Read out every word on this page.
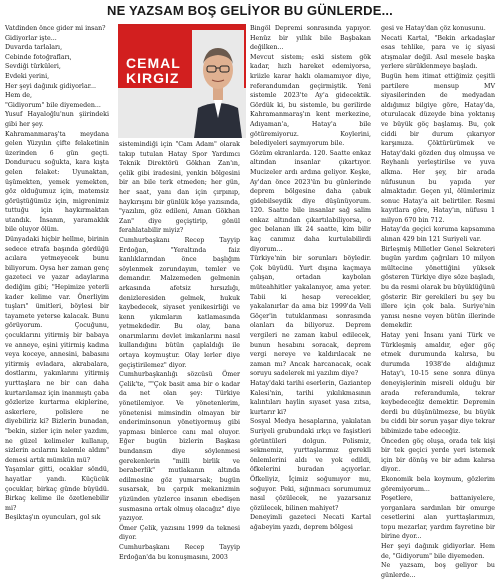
NE YAZSAM BOŞ GELİYOR BU GÜNLERDE...
CEMAL
KIRGIZ

Vatdinden önce gider mi insan?

Gidiyorlar işte...

Duvarda tarlaları,

Cebinde fotoğrafları,

Sevdiği türküleri,

Evdeki yerini,

Her şeyi dağınık gidiyorlar...

Hem de,

"Gidiyorum" bile diyemeden...

Yusuf Hayaloğlu'nun şiirindeki gibi her şey.

Kahramanmaraş'ta meydana gelen Yüzyılın çifte felaketinin üzerinden 6 gün geçti. Dondurucu soğukta, kara kışta gelen felaket: Uyunaktan, üşümekten, yemek yemekten, göz olduğumuz için, matemsiz görüştüğümüz için, migrenimiz tuttuğu için haykırmaktan utandık. İnsanın, yaramaklık bile oluyor ölüm.

Dünyadaki hiçbir hellme, birinin sedece etrafa başında gördüğü acılara yetmeyecek bunu biliyorum. Oysa her zaman genç gazeteci ve yazar adaylarına dediğim gibi; "Hepimize yeterli kader kelime var. Önerliyim tuşları" ümitleri, böylesi bir tayamete yeterse kalacak. Bunu görüyorum. Çocuğunu, çocuklarını yitirmiş bir babaya ve anneye, eşini yitirmiş kadına veya koceye, annesini, babasını yitirmiş evladara, akrabalara, dostlarını, yakınlarını yitirmiş yurttaşlara ne bir can daha kurtarılamaz için inanmıştı çaba gözlerize kurtarma ekiplerine, askerlere, polislere ne diyebiliriz ki? Bizlerin bunadan, "bekin, sizler için neler yazdım, ne güzel kelimeler kullanıp, sizlerin acılarını kalemle aldım" demesi artık mümkün mü?

Yaşamlar gitti, ocaklar söndü, hayatlar yandı. Küçücük çocuklar, birkaç günde büyüdü. Birkaç kelime ile özetlenebilir mi?

Beşiktaş'ın oyuncuları, gol sık

sistemindiği için "Cam Adam" olarak takıp tutulan Hatay Spor Yardımcı Teknik Direktörü Gökhan Zan'ın, çelik gibi iradesini, yenkin bölgesini bir an bile terk etmeden; her gün, her saat, yanı dan için çırpınıp, haykırışını bir günlük köşe yazısında, "yazılım, göz edileni, Aman Gökhan Zan" diye geçiştirip, gönül ferahlatabilir miyiz?

Cumhurbaşkanı Recep Tayyip Erdoğan, "Yeraltında faiz kanlıklarından önce başlığım söylenmek zorundayım, temler ve demandır. Malzemeden gelmenin arkasında afetsiz hırsızlığı, denizleresiden gelmek, hukuk kaybedecek, siyaset yenikesirliği ve kenn yıkımların katlamasında yetmekdedir. Bu olay, bana onarımlarını devlet imkanlarını nasıl kullandığını bütün çaplaldığı ile ortaya koymuştur. Olay lerler diye geçiştirilemez" diyor.

Cumhurbaşkanlığı sözcüsü Ömer Çelik'te, ""Çok basit ama bir o kadar da net olan şey: Türkiye yönetilemiyor. Ve yönetenlerim, yönetenisi mimsindin olmayan bir enderiminsonun yönetiyormuş gibi yapması binlerce canı mal oluyor. Eğer bugün bizlerin Başkası bundansın diye söylenmesi gerekenlerin "milli birlik ve beraberlik" mutlakanın altında edilmesine göz yumarsak; bugün susarsak, bu çarpık mekanizmin yüzünden yüzlerce insanın ebedişen susmasına ortak olmuş olacağız" diye yazıyor.

Ömer Çelik, yazısını 1999 da teknesi diyor.

Cumhurbaşkanı Recep Tayyip Erdoğan'da bu konuşmasını, 2003

Bingöl Depremi sonrasında yapıyor. Henüz bir yıllık bile Başbakan değilken...

Mevcut sistem; eski sistem gök kadar, hızlı hareket edemiyorsa, kriizle karar haklı olamamıyor diye, referandumdan geçirmiştik. Yeni sistemle 2023'te Ay'a gidecektik. Gördük ki, bu sistemle, bu gerilirde Kahramanmaraş'ın kent merkezine, Adıyaman'a, Hatay'a bile götüremiyoruz. Koylerini, belediyeleri saymıyorum bile.

Gözüm ekranlarda. 120. Saatte enkaz altından insanlar çıkartıyor. Mucizeler ardı ardına geliyor. Keşke, Ay'dan önce 2023'ün bu günlerinde deprem bölgesine daha çabuk gidebilseydik diye düşünüyorum. 120. Saatte bile insanlar sağ salim enkaz altından çıkartılabiliyorsa, o gec belanan ilk 24 saatte, kim bilir kaç canımız daha kurtulabilirdi diyorum...

Türkiye'nin bir sorunları böyledir. Çok büyüdü. Yurt dışına kaçmaya çalışan, ortadan kaybolan müteahhitler yakalanıyor, ama yeter. Tabii ki hesap verecekler, yakalanırlar da ama biz 1999'da Veli Göçer'in tutuklanması sonrasında olanları da biliyoruz. Deprem vergileri ne zaman kabul edilecek, bunun hesabını soracak, deprem vergi nereye ve kaldırılacak ne zaman mı? Ancak harcanacak, ocak soruyu sadelerek mi yazılım diye?

Hatay'daki tarihi eserlerin, Gaziantep Kalesi'nin, tarihi yıkılıkmasının kalıntıları haylin sıyaset yasa zıtsa, kurtarır ki?

Sosyal Medya hesaplarına, yakılatan Suriyeli grubundaki ırkçı ve faşistleri görüntüleri dolgun. Polismiz, sekmemiz, yurttaşlarımız gerekli önlemlerini aldı ve yok edildi, öfkelerini buradan açıyorlar. Öfkeliyiz, İçimiz soğumıyor mu, soğuyor. Peki, sığınmacı sorumumuz nasıl çözülecek, ne yazarsanız çözülecek, bilinen mahiyet?

Deneyimli gazeteci Necati Kartal ağabeyim yazdı, deprem bölgesi

gesi ve Hatay'dan çöz konusunu.

Necati Kartal, "Bekin arkadaşlar esas tehlike, para ve iç siyasi atışmalar değil. Asıl mesele başka yerlere sürüklenmeye başladı.

Bugün hem itimat ettiğimiz çeşitli partilere mensup MV siyasilerinden de medyadan aldığımız bilgiye göre, Hatay'da, oturulacak düzeyde bina yoktanış ve büyük göç başlamış. Bu, çok ciddi bir durum çıkarıyor karşımıza. Çöktürürümek ve Hatay'daki gözden duş olmuşsa ve Reyhanlı yerleştirilse ve yuva alkma. Her şey, bir arada nüfusunun bu yapıda yer almaktadır. Geçen yıl, ölümlerimiz sonuc Hatay'a ait belirtiler. Resmi kayıtlara göre, Hatay'ın, nüfusu 1 milyon 670 bin 712.

Hatay'da geçici koruma kapsamına alınan 429 bin 121 Suriyeli var.

Birleşmiş Milletler Genel Sekreteri bugün yardım çağrıları 10 milyon mültecine yönettiğini yüksek gösteren Türkiye diye söze başladı, bu da resmi olarak bu büyüklüğünü gösterir. Bir gerekileri bu şey bu illere için çok bala. Suriye'nin yanısı nesne veyen bütün illerinde demekdir.

Hatay yeni İnsanı yani Türk ve Türkleşmiş amaldır, eğer göç etmek durumunda kalırsa, bu durumda 1938'de aldığımız Hatay'ı, 10-15 sene sonra dünya deneyişlerinin misreli olduğu bir arada referandumla, tekrar keybedeceğiz demektir. Depremin derdi bu düşünülmezse, bu büyük bu ciddi bir sorun yaşar diye tekrar bibimizde tabe edeceğiz.

Önceden göç oluşa, orada tek kişi bir tek geçici yerde yeri istemek için bir dönüş ve bir adım kalırsa diyor..

Ekonomik bela koymum, gözlerim göremiyorum...

Poşetlere, battaniyelere, yorganlara sardınlan bir omurge cesetlerini alan yurttaşlarımızı, topu mezarlar, yardım fayretine bir birine dyor...

Her şeyi dağınık gidiyorlar. Hem de, "Gidiyorum" bile diyemeden.

Ne yazsam, boş geliyor bu günlerde...
